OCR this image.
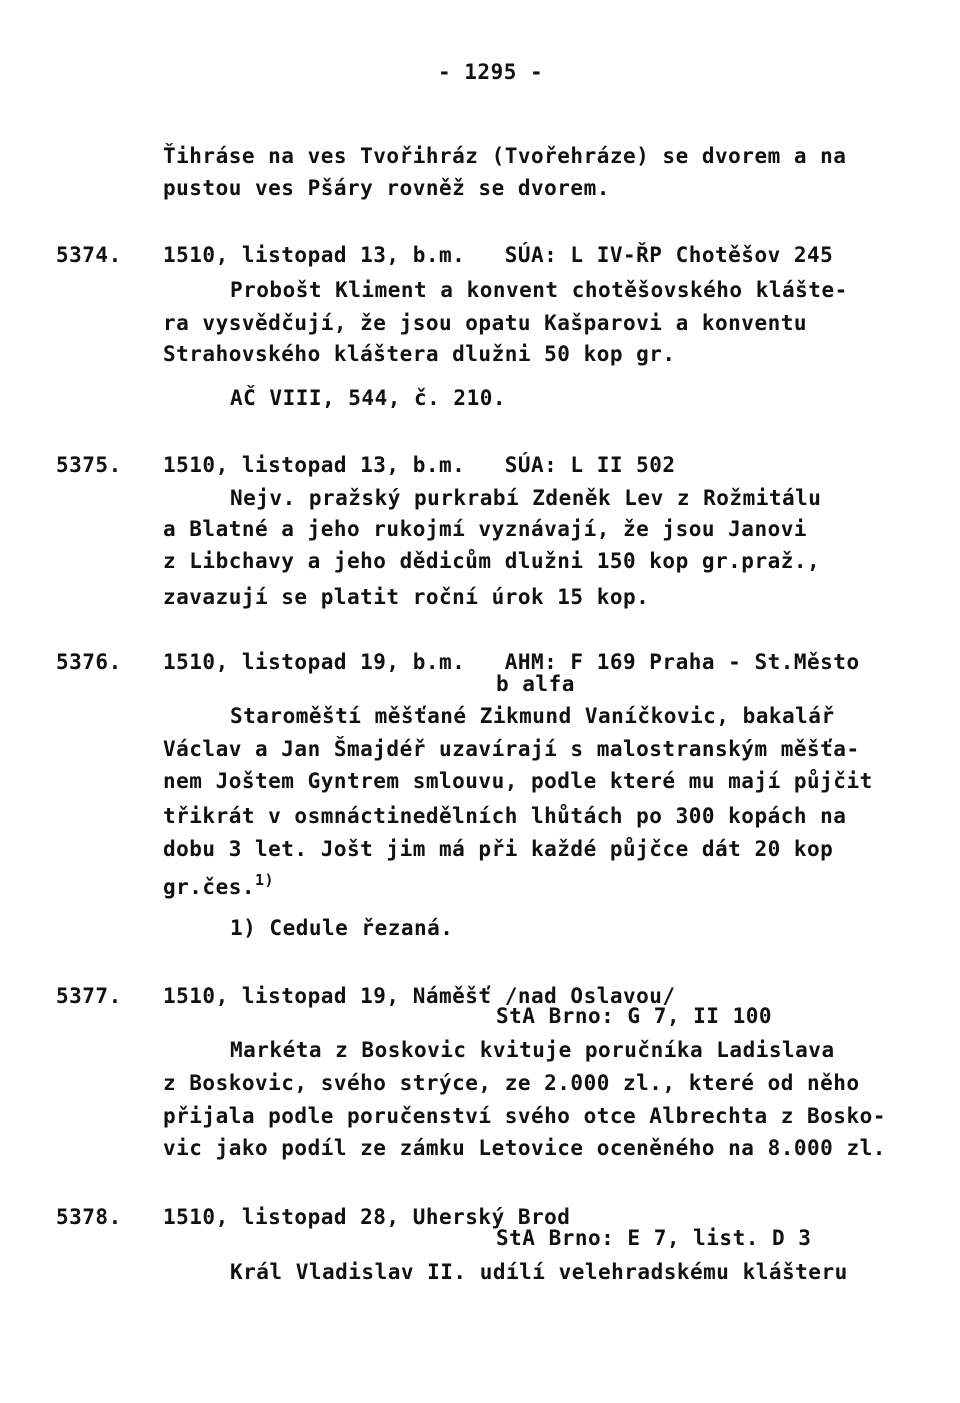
- 1295 -
Ťihráse na ves Tvořihráz (Tvořehráze) se dvorem a na
pustou ves Pšáry rovněž se dvorem.
5374. 1510, listopad 13, b.m.   SÚA: L IV-ŘP Chotěšov 245
Probošt Kliment a konvent chotěšovského klášte-
ra vysvědčují, že jsou opatu Kašparovi a konventu
Strahovského kláštera dlužni 50 kop gr.
AČ VIII, 544, č. 210.
5375. 1510, listopad 13, b.m.   SÚA: L II 502
Nejv. pražský purkrabí Zdeněk Lev z Rožmitálu
a Blatné a jeho rukojmí vyznávají, že jsou Janovi
z Libchavy a jeho dědicům dlužni 150 kop gr.praž.,
zavazují se platit roční úrok 15 kop.
5376. 1510, listopad 19, b.m.   AHM: F 169 Praha - St.Město
b alfa
Staroměští měšťané Zikmund Vaníčkovic, bakalář
Václav a Jan Šmajdéř uzavírají s malostranským měšťa-
nem Joštem Gyntrem smlouvu, podle které mu mají půjčit
třikrát v osmnáctinedělních lhůtách po 300 kopách na
dobu 3 let. Jošt jim má při každé půjčce dát 20 kop
gr.čes.$^{1)}$
1) Cedule řezaná.
5377. 1510, listopad 19, Náměšť /nad Oslavou/
StA Brno: G 7, II 100
Markéta z Boskovic kvituje poručníka Ladislava
z Boskovic, svého strýce, ze 2.000 zl., které od něho
přijala podle poručenství svého otce Albrechta z Bosko-
vic jako podíl ze zámku Letovice oceněného na 8.000 zl.
5378. 1510, listopad 28, Uherský Brod
StA Brno: E 7, list. D 3
Král Vladislav II. udílí velehradskému klášteru
